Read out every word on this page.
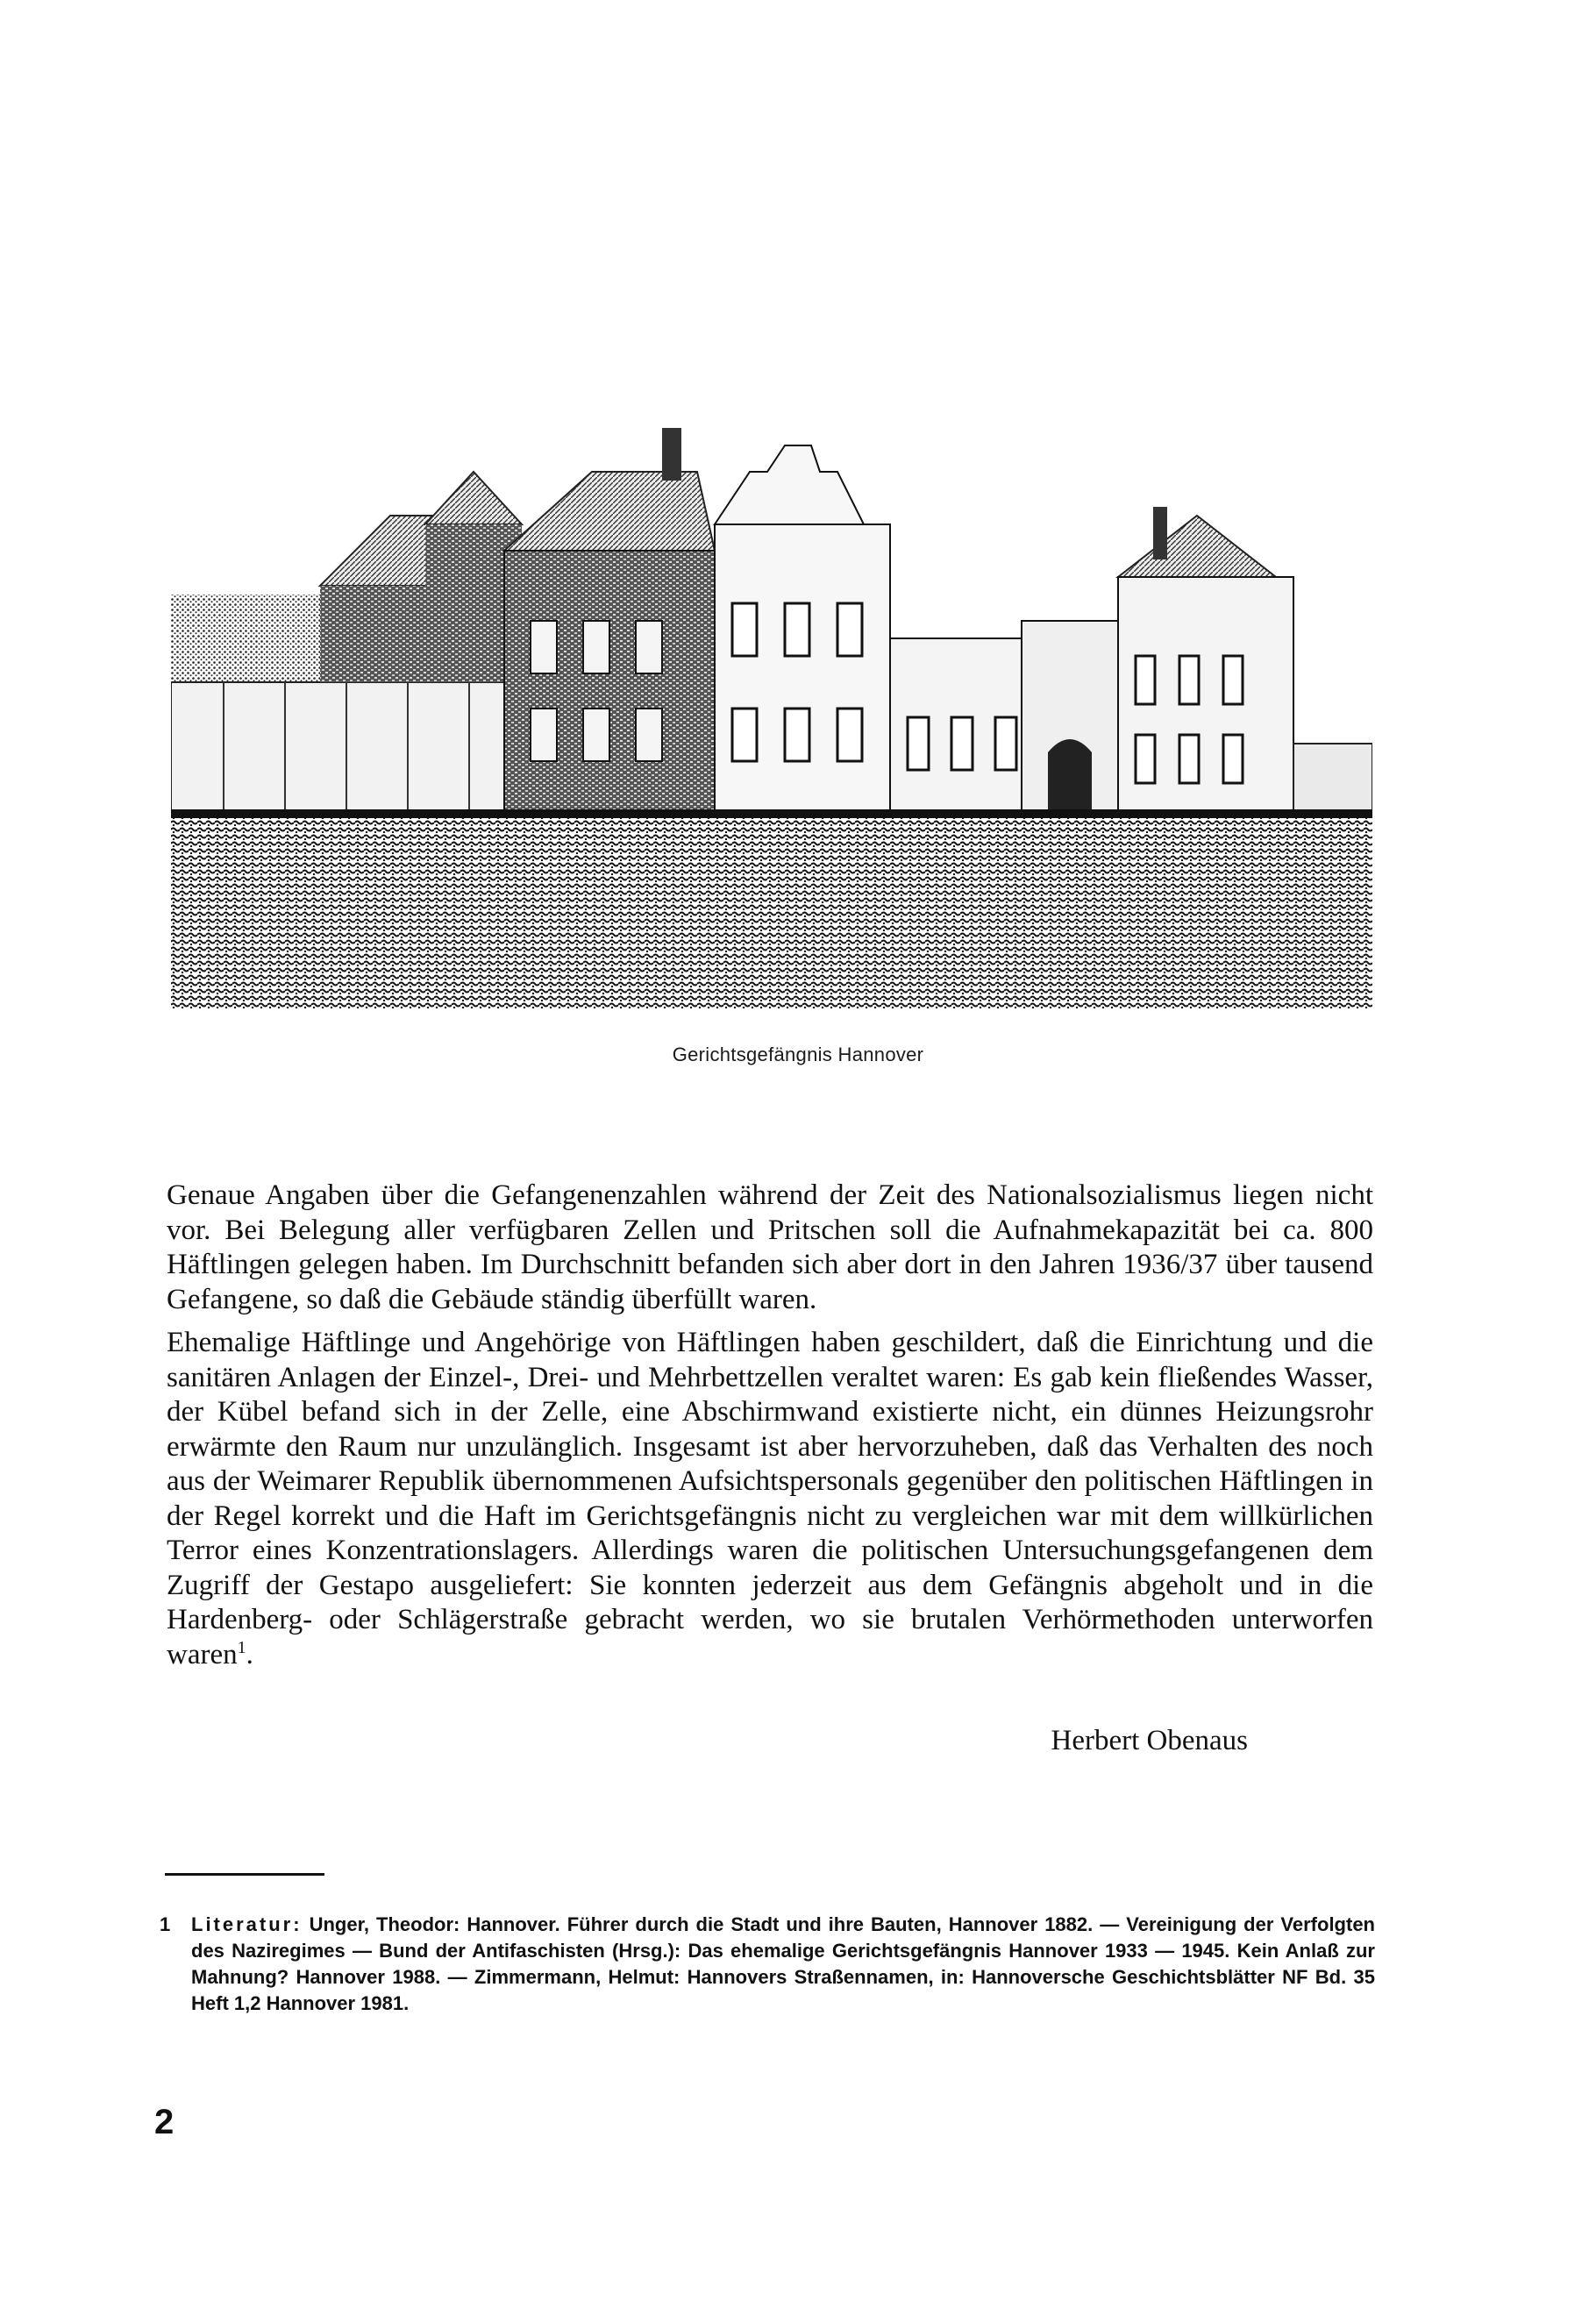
Gerichtsgefängnis Hannover

Genaue Angaben über die Gefangenenzahlen während der Zeit des Nationalsozialismus liegen nicht vor. Bei Belegung aller verfügbaren Zellen und Pritschen soll die Aufnahmekapazität bei ca. 800 Häftlingen gelegen haben. Im Durchschnitt befanden sich aber dort in den Jahren 1936/37 über tausend Gefangene, so daß die Gebäude ständig überfüllt waren.

Ehemalige Häftlinge und Angehörige von Häftlingen haben geschildert, daß die Einrichtung und die sanitären Anlagen der Einzel-, Drei- und Mehrbettzellen veraltet waren: Es gab kein fließendes Wasser, der Kübel befand sich in der Zelle, eine Abschirmwand existierte nicht, ein dünnes Heizungsrohr erwärmte den Raum nur unzulänglich. Insgesamt ist aber hervorzuheben, daß das Verhalten des noch aus der Weimarer Republik übernommenen Aufsichtspersonals gegenüber den politischen Häftlingen in der Regel korrekt und die Haft im Gerichtsgefängnis nicht zu vergleichen war mit dem willkürlichen Terror eines Konzentrationslagers. Allerdings waren die politischen Untersuchungsgefangenen dem Zugriff der Gestapo ausgeliefert: Sie konnten jederzeit aus dem Gefängnis abgeholt und in die Hardenberg- oder Schlägerstraße gebracht werden, wo sie brutalen Verhörmethoden unterworfen waren$^1$.

Herbert Obenaus
1	Literatur: Unger, Theodor: Hannover. Führer durch die Stadt und ihre Bauten, Hannover 1882. — Vereinigung der Verfolgten des Naziregimes — Bund der Antifaschisten (Hrsg.): Das ehemalige Gerichtsgefängnis Hannover 1933 — 1945. Kein Anlaß zur Mahnung? Hannover 1988. — Zimmermann, Helmut: Hannovers Straßennamen, in: Hannoversche Geschichtsblätter NF Bd. 35 Heft 1,2 Hannover 1981.
2
